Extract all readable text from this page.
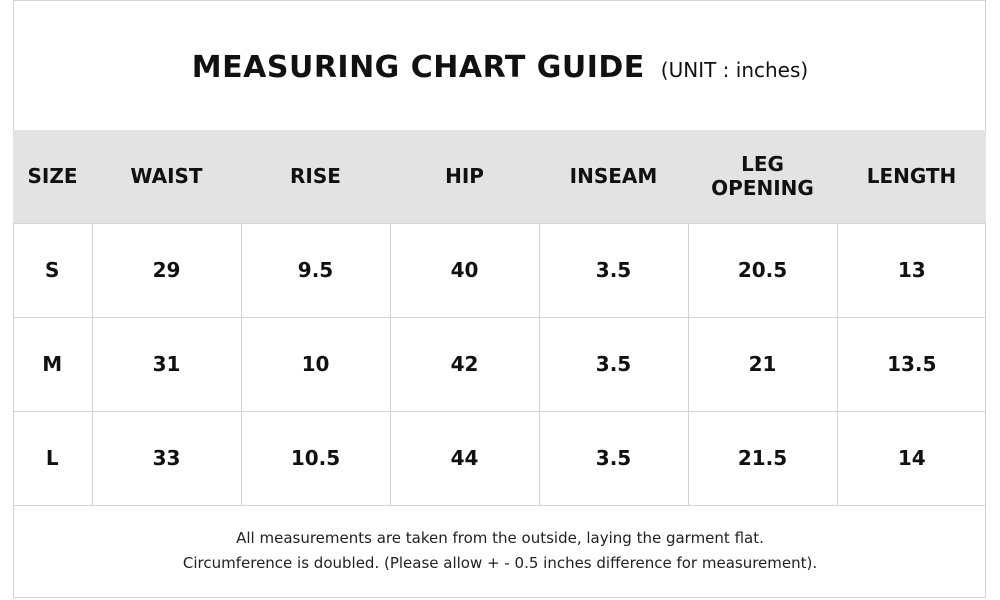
MEASURING CHART GUIDE (UNIT : inches)
SIZE	WAIST	RISE	HIP	INSEAM	LEG OPENING	LENGTH
S	29	9.5	40	3.5	20.5	13
M	31	10	42	3.5	21	13.5
L	33	10.5	44	3.5	21.5	14
All measurements are taken from the outside, laying the garment flat.
Circumference is doubled. (Please allow + - 0.5 inches difference for measurement).
